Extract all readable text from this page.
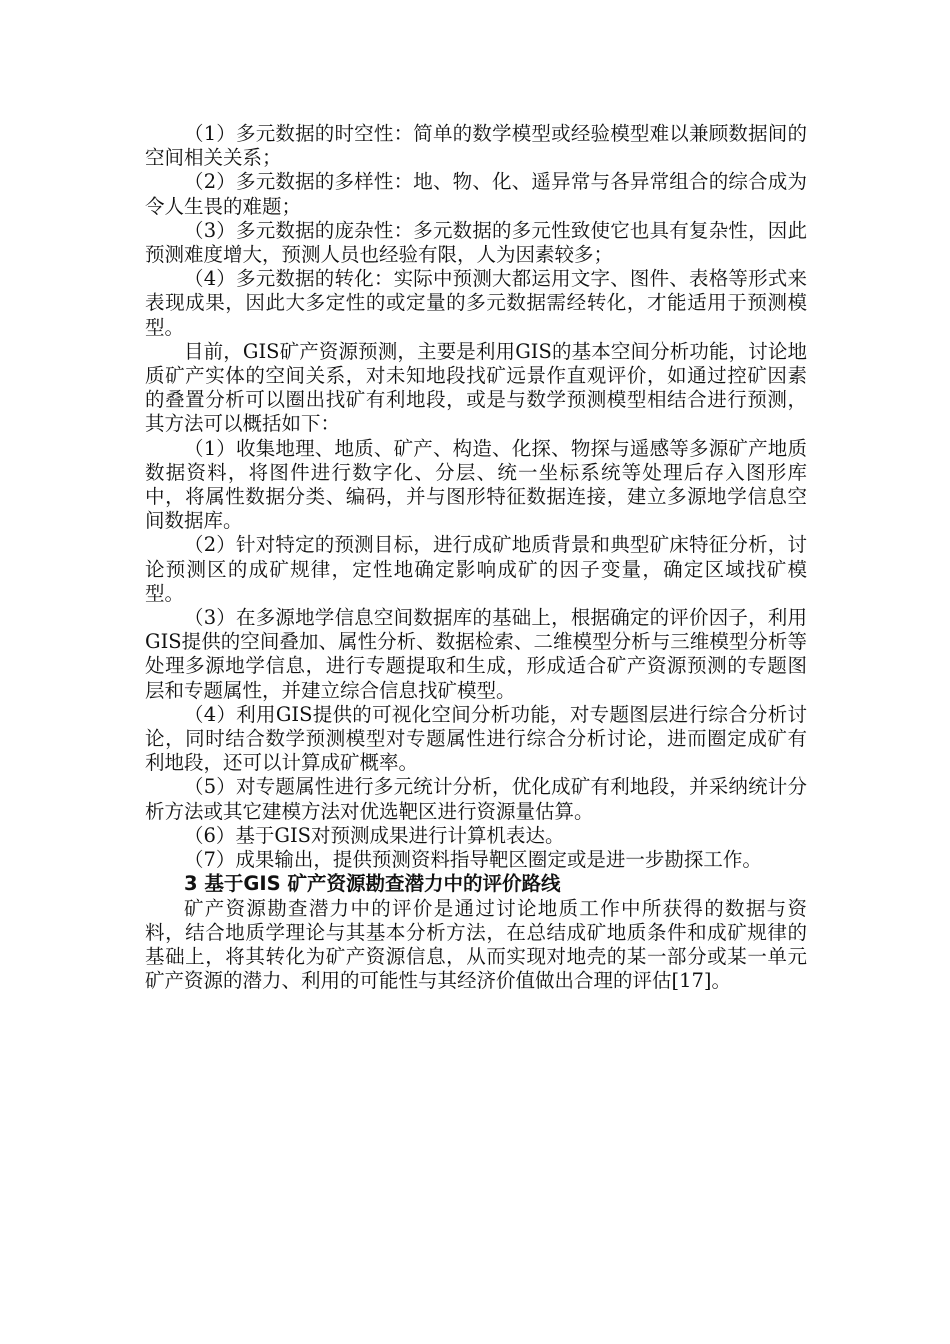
（1）多元数据的时空性：简单的数学模型或经验模型难以兼顾数据间的空间相关关系；

（2）多元数据的多样性：地、物、化、遥异常与各异常组合的综合成为令人生畏的难题；

（3）多元数据的庞杂性：多元数据的多元性致使它也具有复杂性，因此预测难度增大，预测人员也经验有限，人为因素较多；

（4）多元数据的转化：实际中预测大都运用文字、图件、表格等形式来表现成果，因此大多定性的或定量的多元数据需经转化，才能适用于预测模型。

目前，GIS矿产资源预测，主要是利用GIS的基本空间分析功能，讨论地质矿产实体的空间关系，对未知地段找矿远景作直观评价，如通过控矿因素的叠置分析可以圈出找矿有利地段，或是与数学预测模型相结合进行预测，其方法可以概括如下：

（1）收集地理、地质、矿产、构造、化探、物探与遥感等多源矿产地质数据资料，将图件进行数字化、分层、统一坐标系统等处理后存入图形库中，将属性数据分类、编码，并与图形特征数据连接，建立多源地学信息空间数据库。

（2）针对特定的预测目标，进行成矿地质背景和典型矿床特征分析，讨论预测区的成矿规律，定性地确定影响成矿的因子变量，确定区域找矿模型。

（3）在多源地学信息空间数据库的基础上，根据确定的评价因子，利用GIS提供的空间叠加、属性分析、数据检索、二维模型分析与三维模型分析等处理多源地学信息，进行专题提取和生成，形成适合矿产资源预测的专题图层和专题属性，并建立综合信息找矿模型。

（4）利用GIS提供的可视化空间分析功能，对专题图层进行综合分析讨论，同时结合数学预测模型对专题属性进行综合分析讨论，进而圈定成矿有利地段，还可以计算成矿概率。

（5）对专题属性进行多元统计分析，优化成矿有利地段，并采纳统计分析方法或其它建模方法对优选靶区进行资源量估算。

（6）基于GIS对预测成果进行计算机表达。

（7）成果输出，提供预测资料指导靶区圈定或是进一步勘探工作。

3 基于GIS 矿产资源勘查潜力中的评价路线

矿产资源勘查潜力中的评价是通过讨论地质工作中所获得的数据与资料，结合地质学理论与其基本分析方法，在总结成矿地质条件和成矿规律的基础上，将其转化为矿产资源信息，从而实现对地壳的某一部分或某一单元矿产资源的潜力、利用的可能性与其经济价值做出合理的评估[17]。
